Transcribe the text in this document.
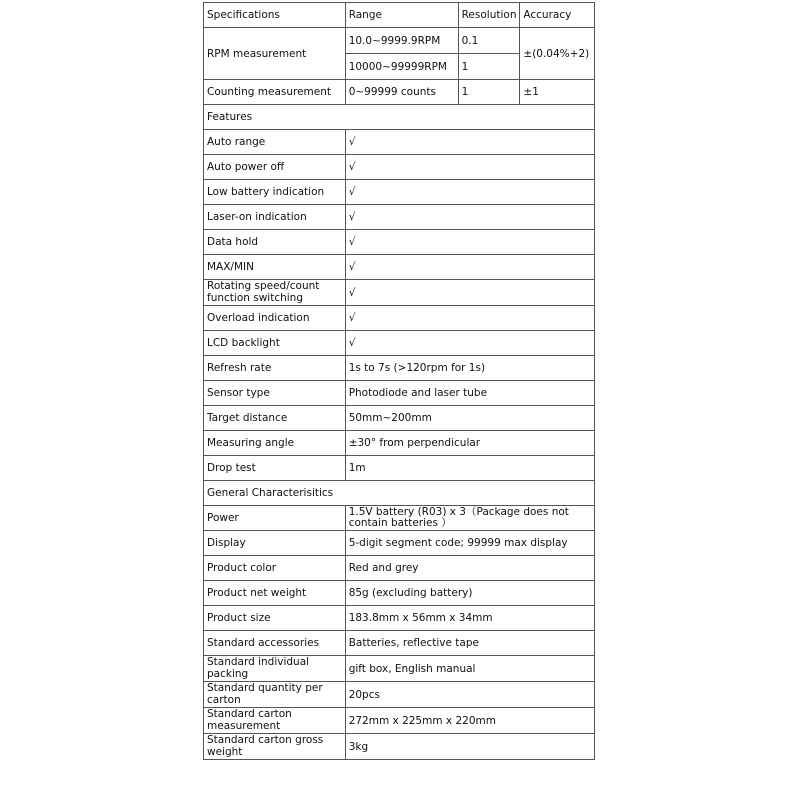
Specifications	Range	Resolution	Accuracy
RPM measurement	10.0~9999.9RPM	0.1	±(0.04%+2)
	10000~99999RPM	1	
Counting measurement	0~99999 counts	1	±1
Features			
Auto range	√		
Auto power off	√		
Low battery indication	√		
Laser-on indication	√		
Data hold	√		
MAX/MIN	√		
Rotating speed/count function switching	√		
Overload indication	√		
LCD backlight	√		
Refresh rate	1s to 7s (>120rpm for 1s)		
Sensor type	Photodiode and laser tube		
Target distance	50mm~200mm		
Measuring angle	±30° from perpendicular		
Drop test	1m		
General Characterisitics			
Power	1.5V battery (R03) x 3（Package does not contain batteries ）		
Display	5-digit segment code; 99999 max display		
Product color	Red and grey		
Product net weight	85g (excluding battery)		
Product size	183.8mm x 56mm x 34mm		
Standard accessories	Batteries, reflective tape		
Standard individual packing	gift box, English manual		
Standard quantity per carton	20pcs		
Standard carton measurement	272mm x 225mm x 220mm		
Standard carton gross weight	3kg		
